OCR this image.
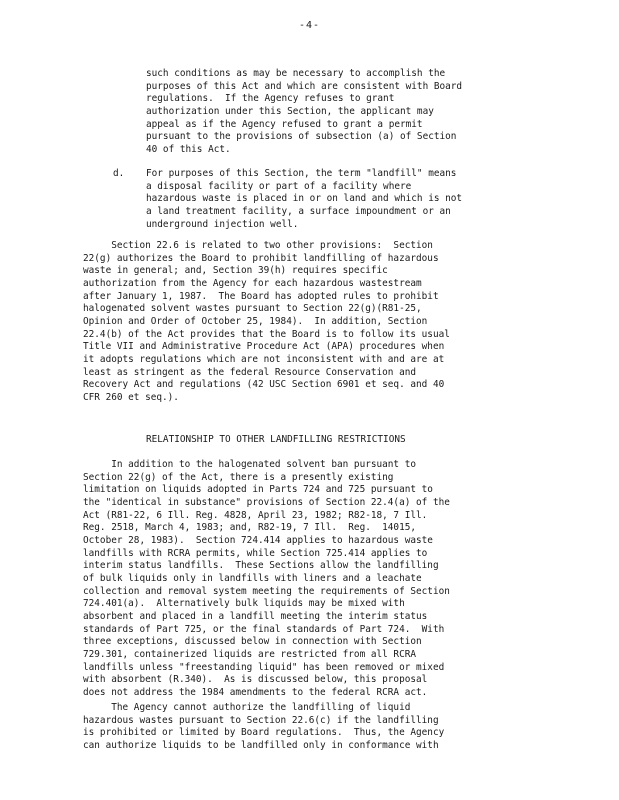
-4-
such conditions as may be necessary to accomplish the
purposes of this Act and which are consistent with Board
regulations.  If the Agency refuses to grant
authorization under this Section, the applicant may
appeal as if the Agency refused to grant a permit
pursuant to the provisions of subsection (a) of Section
40 of this Act.
d. For purposes of this Section, the term "landfill" means
a disposal facility or part of a facility where
hazardous waste is placed in or on land and which is not
a land treatment facility, a surface impoundment or an
underground injection well.
Section 22.6 is related to two other provisions:  Section
22(g) authorizes the Board to prohibit landfilling of hazardous
waste in general; and, Section 39(h) requires specific
authorization from the Agency for each hazardous wastestream
after January 1, 1987.  The Board has adopted rules to prohibit
halogenated solvent wastes pursuant to Section 22(g)(R81-25,
Opinion and Order of October 25, 1984).  In addition, Section
22.4(b) of the Act provides that the Board is to follow its usual
Title VII and Administrative Procedure Act (APA) procedures when
it adopts regulations which are not inconsistent with and are at
least as stringent as the federal Resource Conservation and
Recovery Act and regulations (42 USC Section 6901 et seq. and 40
CFR 260 et seq.).
RELATIONSHIP TO OTHER LANDFILLING RESTRICTIONS
In addition to the halogenated solvent ban pursuant to
Section 22(g) of the Act, there is a presently existing
limitation on liquids adopted in Parts 724 and 725 pursuant to
the "identical in substance" provisions of Section 22.4(a) of the
Act (R81-22, 6 Ill. Reg. 4828, April 23, 1982; R82-18, 7 Ill.
Reg. 2518, March 4, 1983; and, R82-19, 7 Ill.  Reg.  14015,
October 28, 1983).  Section 724.414 applies to hazardous waste
landfills with RCRA permits, while Section 725.414 applies to
interim status landfills.  These Sections allow the landfilling
of bulk liquids only in landfills with liners and a leachate
collection and removal system meeting the requirements of Section
724.401(a).  Alternatively bulk liquids may be mixed with
absorbent and placed in a landfill meeting the interim status
standards of Part 725, or the final standards of Part 724.  With
three exceptions, discussed below in connection with Section
729.301, containerized liquids are restricted from all RCRA
landfills unless "freestanding liquid" has been removed or mixed
with absorbent (R.340).  As is discussed below, this proposal
does not address the 1984 amendments to the federal RCRA act.
The Agency cannot authorize the landfilling of liquid
hazardous wastes pursuant to Section 22.6(c) if the landfilling
is prohibited or limited by Board regulations.  Thus, the Agency
can authorize liquids to be landfilled only in conformance with
